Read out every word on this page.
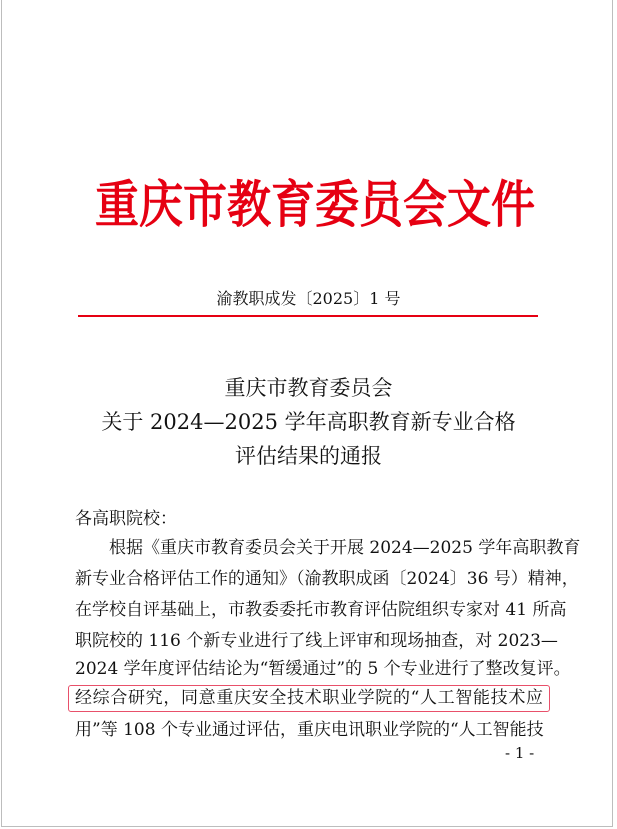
重 庆 市 教 育 委 员 会 文 件
渝教职成发〔2025〕1 号
重庆市教育委员会
关于 2024—2025 学年高职教育新专业合格
评估结果的通报
各高职院校：
　　根据《重庆市教育委员会关于开展 2024—2025 学年高职教育
新专业合格评估工作的通知》（渝教职成函〔2024〕36 号）精神，
在学校自评基础上，市教委委托市教育评估院组织专家对 41 所高
职院校的 116 个新专业进行了线上评审和现场抽查，对 2023—
2024 学年度评估结论为“暂缓通过”的 5 个专业进行了整改复评。
经综合研究，同意重庆安全技术职业学院的“人工智能技术应
用”等 108 个专业通过评估，重庆电讯职业学院的“人工智能技
- 1 -
